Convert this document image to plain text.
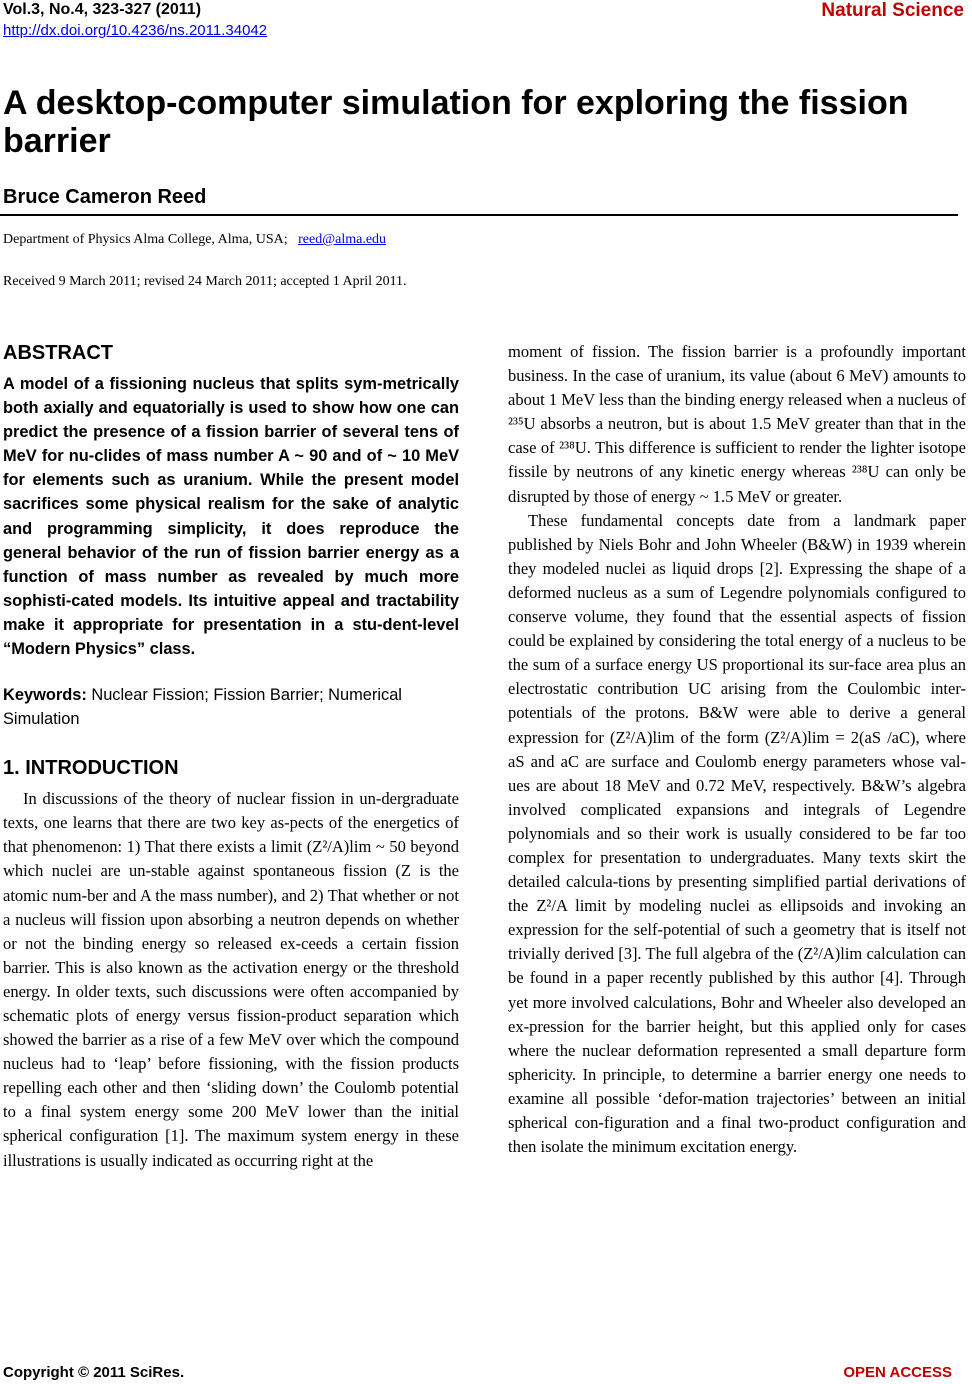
Vol.3, No.4, 323-327 (2011)
http://dx.doi.org/10.4236/ns.2011.34042
Natural Science
A desktop-computer simulation for exploring the fission barrier
Bruce Cameron Reed
Department of Physics Alma College, Alma, USA; reed@alma.edu
Received 9 March 2011; revised 24 March 2011; accepted 1 April 2011.
ABSTRACT

A model of a fissioning nucleus that splits sym-metrically both axially and equatorially is used to show how one can predict the presence of a fission barrier of several tens of MeV for nu-clides of mass number A ~ 90 and of ~ 10 MeV for elements such as uranium. While the present model sacrifices some physical realism for the sake of analytic and programming simplicity, it does reproduce the general behavior of the run of fission barrier energy as a function of mass number as revealed by much more sophisti-cated models. Its intuitive appeal and tractability make it appropriate for presentation in a stu-dent-level “Modern Physics” class.

Keywords: Nuclear Fission; Fission Barrier; Numerical Simulation

1. INTRODUCTION

In discussions of the theory of nuclear fission in un-dergraduate texts, one learns that there are two key as-pects of the energetics of that phenomenon: 1) That there exists a limit (Z²/A)lim ~ 50 beyond which nuclei are un-stable against spontaneous fission (Z is the atomic num-ber and A the mass number), and 2) That whether or not a nucleus will fission upon absorbing a neutron depends on whether or not the binding energy so released ex-ceeds a certain fission barrier. This is also known as the activation energy or the threshold energy. In older texts, such discussions were often accompanied by schematic plots of energy versus fission-product separation which showed the barrier as a rise of a few MeV over which the compound nucleus had to ‘leap’ before fissioning, with the fission products repelling each other and then ‘sliding down’ the Coulomb potential to a final system energy some 200 MeV lower than the initial spherical configuration [1]. The maximum system energy in these illustrations is usually indicated as occurring right at the

moment of fission. The fission barrier is a profoundly important business. In the case of uranium, its value (about 6 MeV) amounts to about 1 MeV less than the binding energy released when a nucleus of ²³⁵U absorbs a neutron, but is about 1.5 MeV greater than that in the case of ²³⁸U. This difference is sufficient to render the lighter isotope fissile by neutrons of any kinetic energy whereas ²³⁸U can only be disrupted by those of energy ~ 1.5 MeV or greater.

These fundamental concepts date from a landmark paper published by Niels Bohr and John Wheeler (B&W) in 1939 wherein they modeled nuclei as liquid drops [2]. Expressing the shape of a deformed nucleus as a sum of Legendre polynomials configured to conserve volume, they found that the essential aspects of fission could be explained by considering the total energy of a nucleus to be the sum of a surface energy US proportional its sur-face area plus an electrostatic contribution UC arising from the Coulombic inter-potentials of the protons. B&W were able to derive a general expression for (Z²/A)lim of the form (Z²/A)lim = 2(aS /aC), where aS and aC are surface and Coulomb energy parameters whose val-ues are about 18 MeV and 0.72 MeV, respectively. B&W’s algebra involved complicated expansions and integrals of Legendre polynomials and so their work is usually considered to be far too complex for presentation to undergraduates. Many texts skirt the detailed calcula-tions by presenting simplified partial derivations of the Z²/A limit by modeling nuclei as ellipsoids and invoking an expression for the self-potential of such a geometry that is itself not trivially derived [3]. The full algebra of the (Z²/A)lim calculation can be found in a paper recently published by this author [4]. Through yet more involved calculations, Bohr and Wheeler also developed an ex-pression for the barrier height, but this applied only for cases where the nuclear deformation represented a small departure form sphericity. In principle, to determine a barrier energy one needs to examine all possible ‘defor-mation trajectories’ between an initial spherical con-figuration and a final two-product configuration and then isolate the minimum excitation energy.

Copyright © 2011 SciRes.	OPEN ACCESS
